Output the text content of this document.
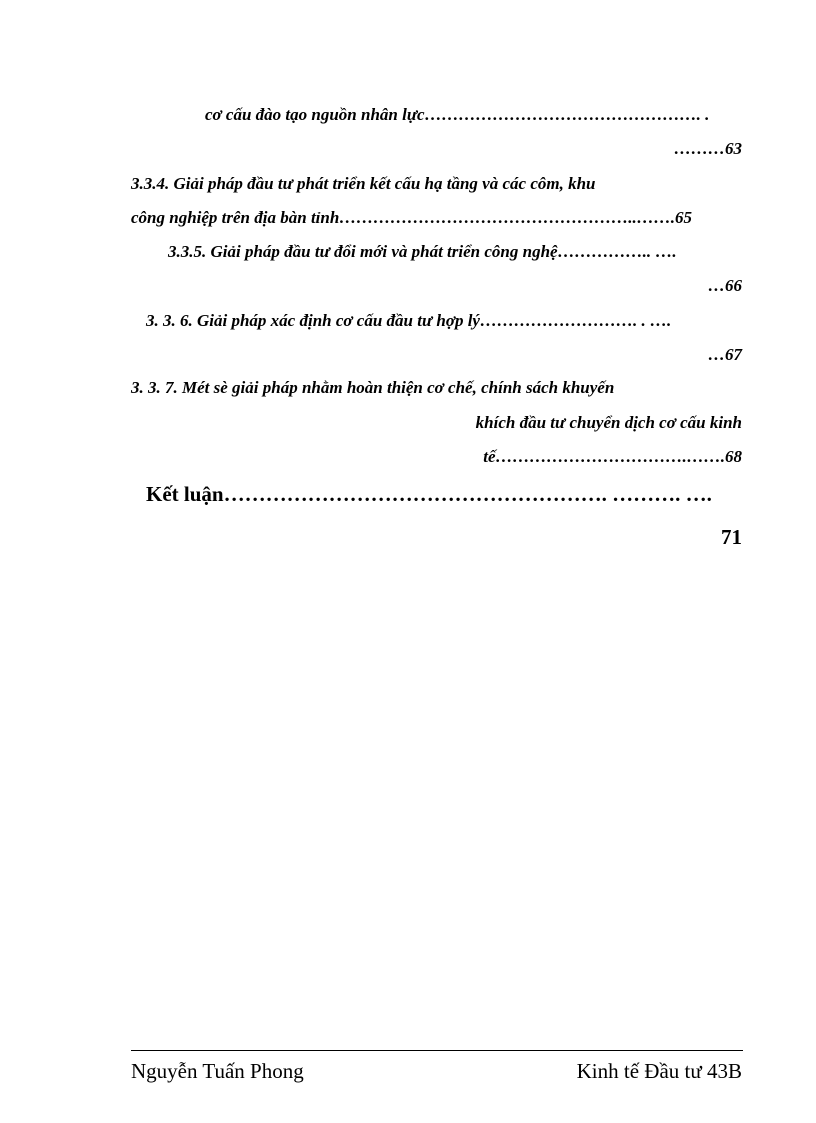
cơ cấu đào tạo nguồn nhân lực…………………………………………. .
………63
3.3.4. Giải pháp đầu tư phát triển kết cấu hạ tầng và các côm, khu
công nghiệp trên địa bàn tỉnh……………………………………………..…….65
3.3.5. Giải pháp đầu tư đổi mới và phát triển công nghệ…………….. ….
…66
3. 3. 6. Giải pháp xác định cơ cấu đầu tư hợp lý………………………. . ….
…67
3. 3. 7. Mét sè giải pháp nhằm hoàn thiện cơ chế, chính sách khuyến
khích đầu tư chuyển dịch cơ cấu kinh
tế…………………………….…….68
Kết luận………………………………………………. ………. ….
71
Nguyễn Tuấn Phong	Kinh tế Đầu tư 43B
